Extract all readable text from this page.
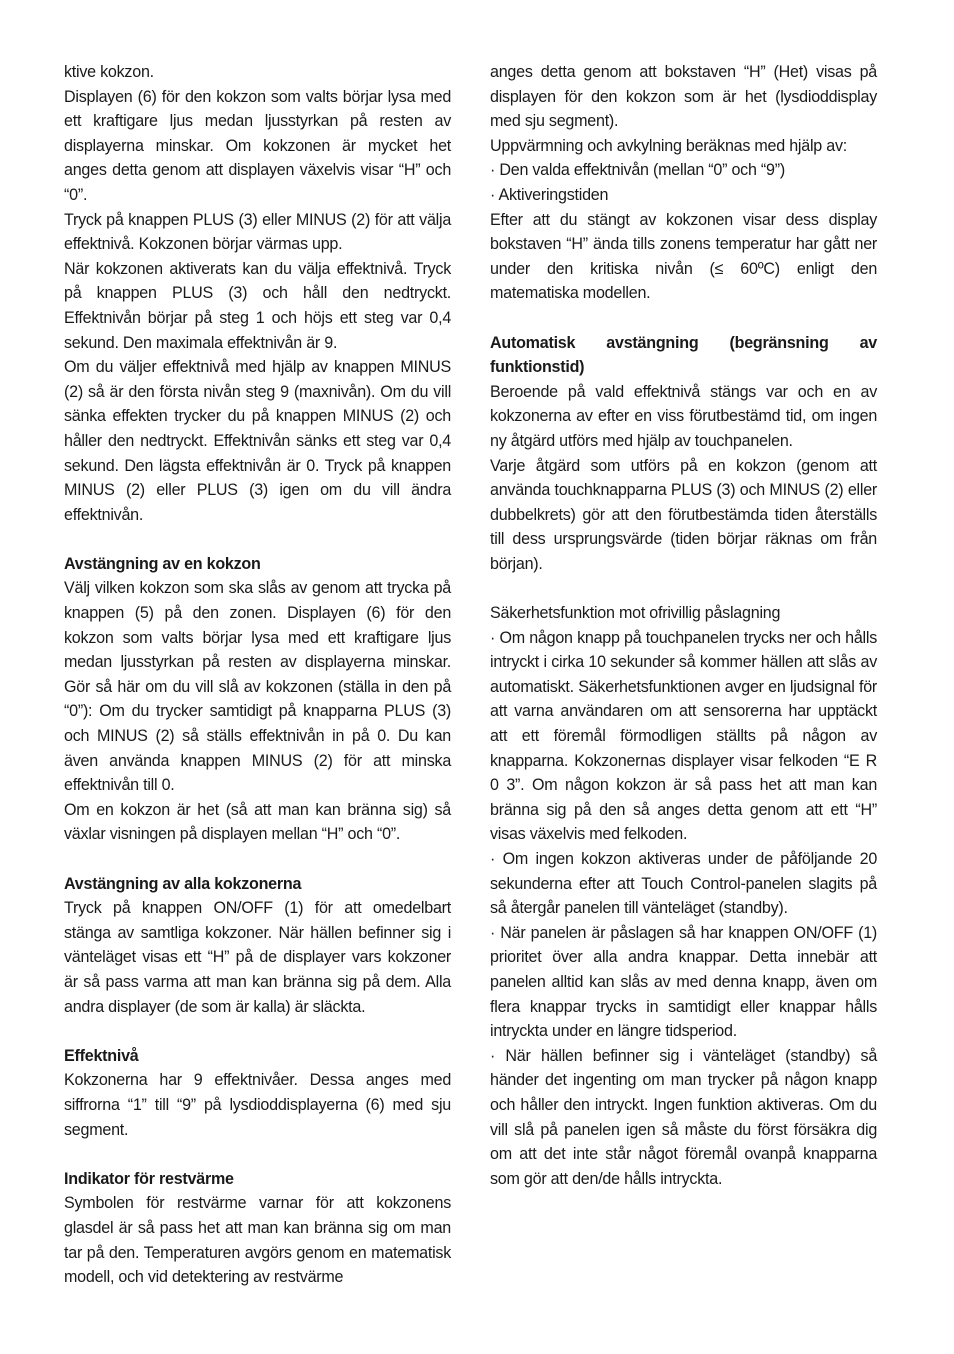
ktive kokzon.

Displayen (6) för den kokzon som valts börjar lysa med ett kraftigare ljus medan ljusstyrkan på resten av displayerna minskar. Om kokzonen är mycket het anges detta genom att displayen växelvis visar “H” och “0”.

Tryck på knappen PLUS (3) eller MINUS (2) för att välja effektnivå. Kokzonen börjar värmas upp.

När kokzonen aktiverats kan du välja effektnivå. Tryck på knappen PLUS (3) och håll den nedtryckt. Effektnivån börjar på steg 1 och höjs ett steg var 0,4 sekund. Den maximala effektnivån är 9.

Om du väljer effektnivå med hjälp av knappen MINUS (2) så är den första nivån steg 9 (maxnivån). Om du vill sänka effekten trycker du på knappen MINUS (2) och håller den nedtryckt. Effektnivån sänks ett steg var 0,4 sekund. Den lägsta effektnivån är 0. Tryck på knappen MINUS (2) eller PLUS (3) igen om du vill ändra effektnivån.

Avstängning av en kokzon

Välj vilken kokzon som ska slås av genom att trycka på knappen (5) på den zonen. Displayen (6) för den kokzon som valts börjar lysa med ett kraftigare ljus medan ljusstyrkan på resten av displayerna minskar. Gör så här om du vill slå av kokzonen (ställa in den på “0”): Om du trycker samtidigt på knapparna PLUS (3) och MINUS (2) så ställs effektnivån in på 0. Du kan även använda knappen MINUS (2) för att minska effektnivån till 0.

Om en kokzon är het (så att man kan bränna sig) så växlar visningen på displayen mellan “H” och “0”.

Avstängning av alla kokzonerna

Tryck på knappen ON/OFF (1) för att omedelbart stänga av samtliga kokzoner. När hällen befinner sig i vänteläget visas ett “H” på de displayer vars kokzoner är så pass varma att man kan bränna sig på dem. Alla andra displayer (de som är kalla) är släckta.

Effektnivå

Kokzonerna har 9 effektnivåer. Dessa anges med siffrorna “1” till “9” på lysdioddisplayerna (6) med sju segment.

Indikator för restvärme

Symbolen för restvärme varnar för att kokzonens glasdel är så pass het att man kan bränna sig om man tar på den. Temperaturen avgörs genom en matematisk modell, och vid detektering av restvärme

anges detta genom att bokstaven “H” (Het) visas på displayen för den kokzon som är het (lysdioddisplay med sju segment).

Uppvärmning och avkylning beräknas med hjälp av:

· Den valda effektnivån (mellan “0” och “9”)

· Aktiveringstiden

Efter att du stängt av kokzonen visar dess display bokstaven “H” ända tills zonens temperatur har gått ner under den kritiska nivån (≤ 60ºC) enligt den matematiska modellen.

Automatisk avstängning (begränsning av funktionstid)

Beroende på vald effektnivå stängs var och en av kokzonerna av efter en viss förutbestämd tid, om ingen ny åtgärd utförs med hjälp av touchpanelen.

Varje åtgärd som utförs på en kokzon (genom att använda touchknapparna PLUS (3) och MINUS (2) eller dubbelkrets) gör att den förutbestämda tiden återställs till dess ursprungsvärde (tiden börjar räknas om från början).

Säkerhetsfunktion mot ofrivillig påslagning

· Om någon knapp på touchpanelen trycks ner och hålls intryckt i cirka 10 sekunder så kommer hällen att slås av automatiskt. Säkerhetsfunktionen avger en ljudsignal för att varna användaren om att sensorerna har upptäckt att ett föremål förmodligen ställts på någon av knapparna. Kokzonernas displayer visar felkoden “E R 0 3”. Om någon kokzon är så pass het att man kan bränna sig på den så anges detta genom att ett “H” visas växelvis med felkoden.

· Om ingen kokzon aktiveras under de påföljande 20 sekunderna efter att Touch Control-panelen slagits på så återgår panelen till vänteläget (standby).

· När panelen är påslagen så har knappen ON/OFF (1) prioritet över alla andra knappar. Detta innebär att panelen alltid kan slås av med denna knapp, även om flera knappar trycks in samtidigt eller knappar hålls intryckta under en längre tidsperiod.

· När hällen befinner sig i vänteläget (standby) så händer det ingenting om man trycker på någon knapp och håller den intryckt. Ingen funktion aktiveras. Om du vill slå på panelen igen så måste du först försäkra dig om att det inte står något föremål ovanpå knapparna som gör att den/de hålls intryckta.
